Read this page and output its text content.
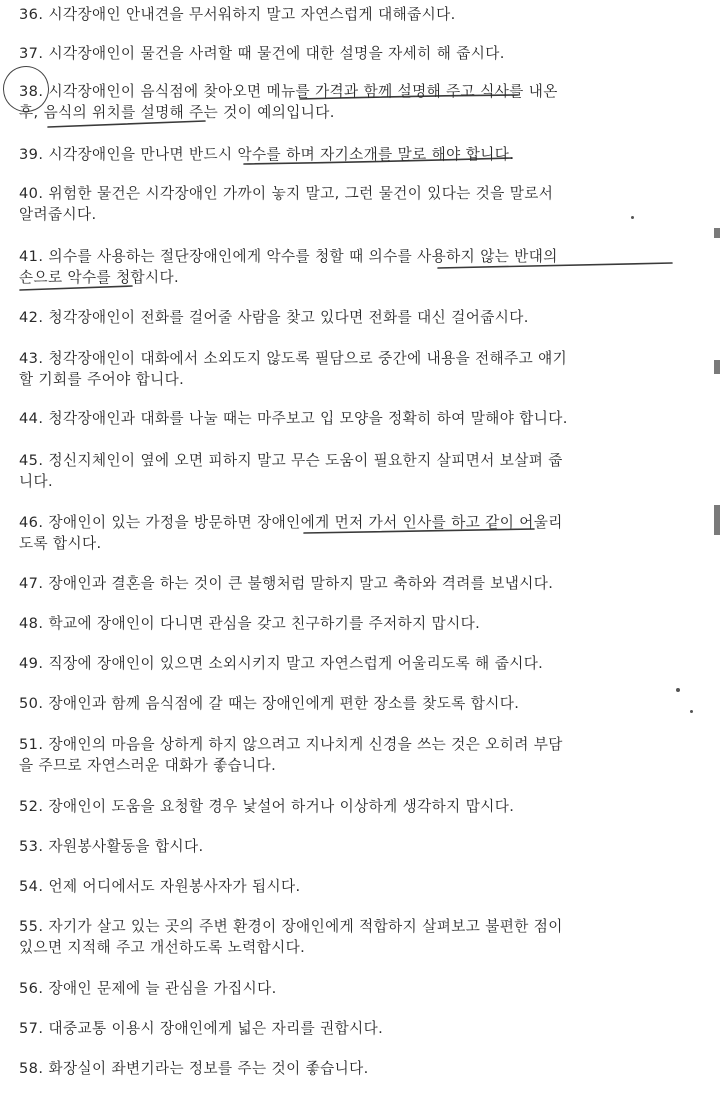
36. 시각장애인 안내견을 무서워하지 말고 자연스럽게 대해줍시다.
37. 시각장애인이 물건을 사려할 때 물건에 대한 설명을 자세히 해 줍시다.
38. 시각장애인이 음식점에 찾아오면 메뉴를 가격과 함께 설명해 주고 식사를 내온
후, 음식의 위치를 설명해 주는 것이 예의입니다.
39. 시각장애인을 만나면 반드시 악수를 하며 자기소개를 말로 해야 합니다.
40. 위험한 물건은 시각장애인 가까이 놓지 말고, 그런 물건이 있다는 것을 말로서
알려줍시다.
41. 의수를 사용하는 절단장애인에게 악수를 청할 때 의수를 사용하지 않는 반대의
손으로 악수를 청합시다.
42. 청각장애인이 전화를 걸어줄 사람을 찾고 있다면 전화를 대신 걸어줍시다.
43. 청각장애인이 대화에서 소외도지 않도록 필담으로 중간에 내용을 전해주고 얘기
할 기회를 주어야 합니다.
44. 청각장애인과 대화를 나눌 때는 마주보고 입 모양을 정확히 하여 말해야 합니다.
45. 정신지체인이 옆에 오면 피하지 말고 무슨 도움이 필요한지 살피면서 보살펴 줍
니다.
46. 장애인이 있는 가정을 방문하면 장애인에게 먼저 가서 인사를 하고 같이 어울리
도록 합시다.
47. 장애인과 결혼을 하는 것이 큰 불행처럼 말하지 말고 축하와 격려를 보냅시다.
48. 학교에 장애인이 다니면 관심을 갖고 친구하기를 주저하지 맙시다.
49. 직장에 장애인이 있으면 소외시키지 말고 자연스럽게 어울리도록 해 줍시다.
50. 장애인과 함께 음식점에 갈 때는 장애인에게 편한 장소를 찾도록 합시다.
51. 장애인의 마음을 상하게 하지 않으려고 지나치게 신경을 쓰는 것은 오히려 부담
을 주므로 자연스러운 대화가 좋습니다.
52. 장애인이 도움을 요청할 경우 낯설어 하거나 이상하게 생각하지 맙시다.
53. 자원봉사활동을 합시다.
54. 언제 어디에서도 자원봉사자가 됩시다.
55. 자기가 살고 있는 곳의 주변 환경이 장애인에게 적합하지 살펴보고 불편한 점이
있으면 지적해 주고 개선하도록 노력합시다.
56. 장애인 문제에 늘 관심을 가집시다.
57. 대중교통 이용시 장애인에게 넓은 자리를 권합시다.
58. 화장실이 좌변기라는 정보를 주는 것이 좋습니다.
